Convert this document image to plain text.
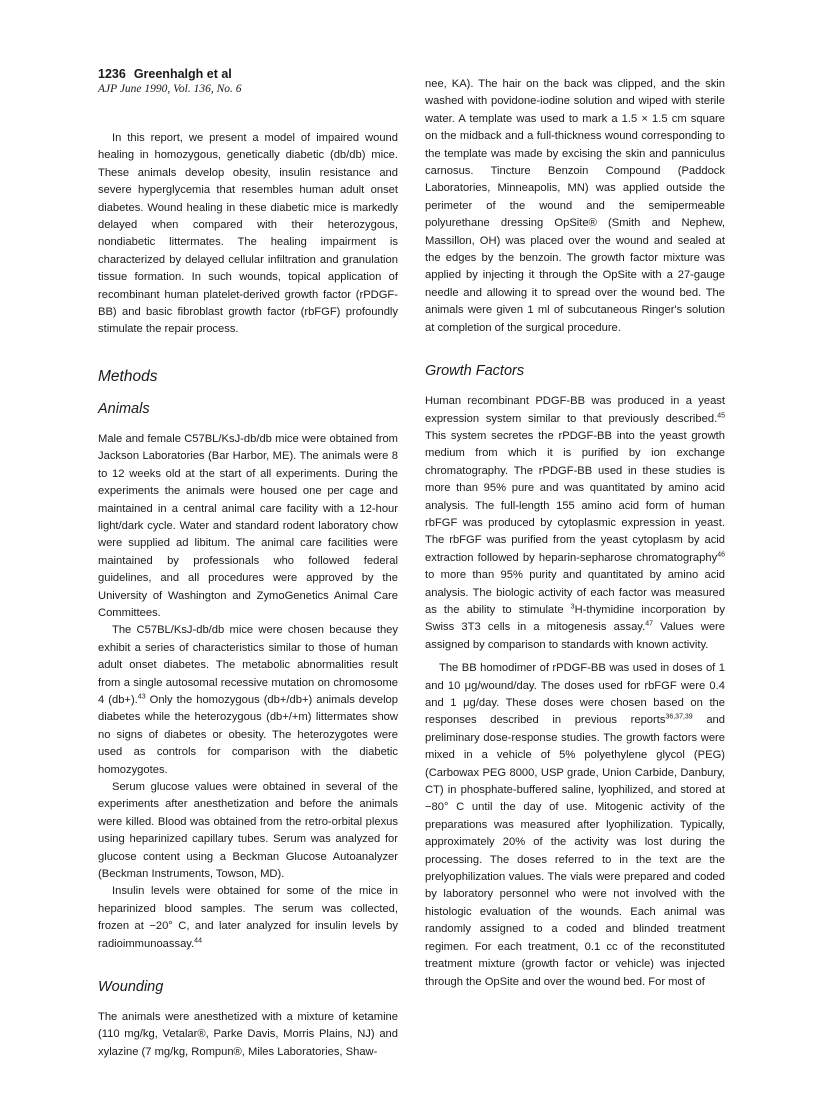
1236 Greenhalgh et al
AJP June 1990, Vol. 136, No. 6

In this report, we present a model of impaired wound healing in homozygous, genetically diabetic (db/db) mice. These animals develop obesity, insulin resistance and severe hyperglycemia that resembles human adult onset diabetes. Wound healing in these diabetic mice is markedly delayed when compared with their heterozygous, nondiabetic littermates. The healing impairment is characterized by delayed cellular infiltration and granulation tissue formation. In such wounds, topical application of recombinant human platelet-derived growth factor (rPDGF-BB) and basic fibroblast growth factor (rbFGF) profoundly stimulate the repair process.

Methods
Animals

Male and female C57BL/KsJ-db/db mice were obtained from Jackson Laboratories (Bar Harbor, ME). The animals were 8 to 12 weeks old at the start of all experiments. During the experiments the animals were housed one per cage and maintained in a central animal care facility with a 12-hour light/dark cycle. Water and standard rodent laboratory chow were supplied ad libitum. The animal care facilities were maintained by professionals who followed federal guidelines, and all procedures were approved by the University of Washington and ZymoGenetics Animal Care Committees.

The C57BL/KsJ-db/db mice were chosen because they exhibit a series of characteristics similar to those of human adult onset diabetes. The metabolic abnormalities result from a single autosomal recessive mutation on chromosome 4 (db+).$^{43}$ Only the homozygous (db+/db+) animals develop diabetes while the heterozygous (db+/+m) littermates show no signs of diabetes or obesity. The heterozygotes were used as controls for comparison with the diabetic homozygotes.

Serum glucose values were obtained in several of the experiments after anesthetization and before the animals were killed. Blood was obtained from the retro-orbital plexus using heparinized capillary tubes. Serum was analyzed for glucose content using a Beckman Glucose Autoanalyzer (Beckman Instruments, Towson, MD).

Insulin levels were obtained for some of the mice in heparinized blood samples. The serum was collected, frozen at −20° C, and later analyzed for insulin levels by radioimmunoassay.$^{44}$

Wounding

The animals were anesthetized with a mixture of ketamine (110 mg/kg, Vetalar®, Parke Davis, Morris Plains, NJ) and xylazine (7 mg/kg, Rompun®, Miles Laboratories, Shaw-

nee, KA). The hair on the back was clipped, and the skin washed with povidone-iodine solution and wiped with sterile water. A template was used to mark a 1.5 × 1.5 cm square on the midback and a full-thickness wound corresponding to the template was made by excising the skin and panniculus carnosus. Tincture Benzoin Compound (Paddock Laboratories, Minneapolis, MN) was applied outside the perimeter of the wound and the semipermeable polyurethane dressing OpSite® (Smith and Nephew, Massillon, OH) was placed over the wound and sealed at the edges by the benzoin. The growth factor mixture was applied by injecting it through the OpSite with a 27-gauge needle and allowing it to spread over the wound bed. The animals were given 1 ml of subcutaneous Ringer's solution at completion of the surgical procedure.

Growth Factors

Human recombinant PDGF-BB was produced in a yeast expression system similar to that previously described.$^{45}$ This system secretes the rPDGF-BB into the yeast growth medium from which it is purified by ion exchange chromatography. The rPDGF-BB used in these studies is more than 95% pure and was quantitated by amino acid analysis. The full-length 155 amino acid form of human rbFGF was produced by cytoplasmic expression in yeast. The rbFGF was purified from the yeast cytoplasm by acid extraction followed by heparin-sepharose chromatography$^{46}$ to more than 95% purity and quantitated by amino acid analysis. The biologic activity of each factor was measured as the ability to stimulate $^3$H-thymidine incorporation by Swiss 3T3 cells in a mitogenesis assay.$^{47}$ Values were assigned by comparison to standards with known activity.

The BB homodimer of rPDGF-BB was used in doses of 1 and 10 μg/wound/day. The doses used for rbFGF were 0.4 and 1 μg/day. These doses were chosen based on the responses described in previous reports$^{36,37,39}$ and preliminary dose-response studies. The growth factors were mixed in a vehicle of 5% polyethylene glycol (PEG) (Carbowax PEG 8000, USP grade, Union Carbide, Danbury, CT) in phosphate-buffered saline, lyophilized, and stored at −80° C until the day of use. Mitogenic activity of the preparations was measured after lyophilization. Typically, approximately 20% of the activity was lost during the processing. The doses referred to in the text are the prelyophilization values. The vials were prepared and coded by laboratory personnel who were not involved with the histologic evaluation of the wounds. Each animal was randomly assigned to a coded and blinded treatment regimen. For each treatment, 0.1 cc of the reconstituted treatment mixture (growth factor or vehicle) was injected through the OpSite and over the wound bed. For most of
